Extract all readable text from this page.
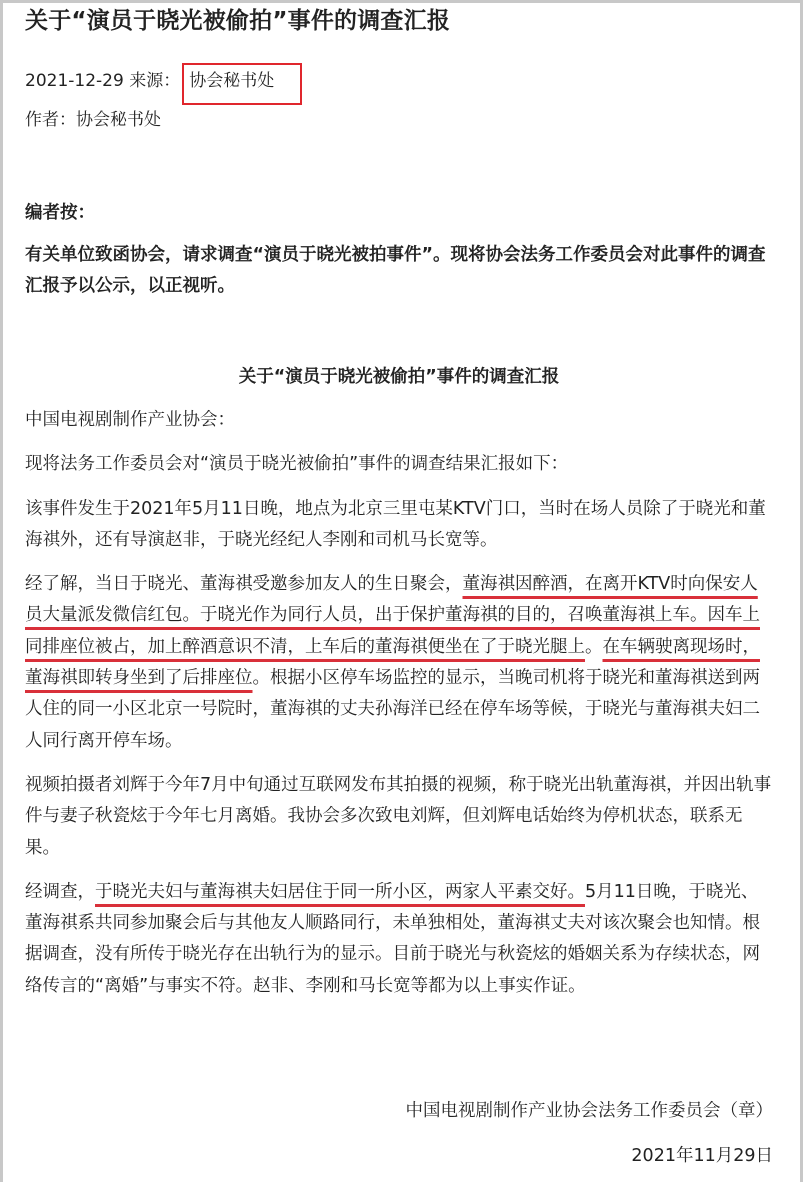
关于“演员于晓光被偷拍”事件的调查汇报
2021-12-29 来源： 协会秘书处
作者：协会秘书处

编者按：

有关单位致函协会，请求调查“演员于晓光被拍事件”。现将协会法务工作委员会对此事件的调查汇报予以公示，以正视听。

关于“演员于晓光被偷拍”事件的调查汇报

中国电视剧制作产业协会：

现将法务工作委员会对“演员于晓光被偷拍”事件的调查结果汇报如下：

该事件发生于2021年5月11日晚，地点为北京三里屯某KTV门口，当时在场人员除了于晓光和董海祺外，还有导演赵非，于晓光经纪人李刚和司机马长宽等。

经了解，当日于晓光、董海祺受邀参加友人的生日聚会，董海祺因醉酒，在离开KTV时向保安人员大量派发微信红包。于晓光作为同行人员，出于保护董海祺的目的，召唤董海祺上车。因车上同排座位被占，加上醉酒意识不清，上车后的董海祺便坐在了于晓光腿上。在车辆驶离现场时，董海祺即转身坐到了后排座位。根据小区停车场监控的显示，当晚司机将于晓光和董海祺送到两人住的同一小区北京一号院时，董海祺的丈夫孙海洋已经在停车场等候，于晓光与董海祺夫妇二人同行离开停车场。

视频拍摄者刘辉于今年7月中旬通过互联网发布其拍摄的视频，称于晓光出轨董海祺，并因出轨事件与妻子秋瓷炫于今年七月离婚。我协会多次致电刘辉，但刘辉电话始终为停机状态，联系无果。

经调查，于晓光夫妇与董海祺夫妇居住于同一所小区，两家人平素交好。5月11日晚，于晓光、董海祺系共同参加聚会后与其他友人顺路同行，未单独相处，董海祺丈夫对该次聚会也知情。根据调查，没有所传于晓光存在出轨行为的显示。目前于晓光与秋瓷炫的婚姻关系为存续状态，网络传言的“离婚”与事实不符。赵非、李刚和马长宽等都为以上事实作证。

中国电视剧制作产业协会法务工作委员会（章）

2021年11月29日
